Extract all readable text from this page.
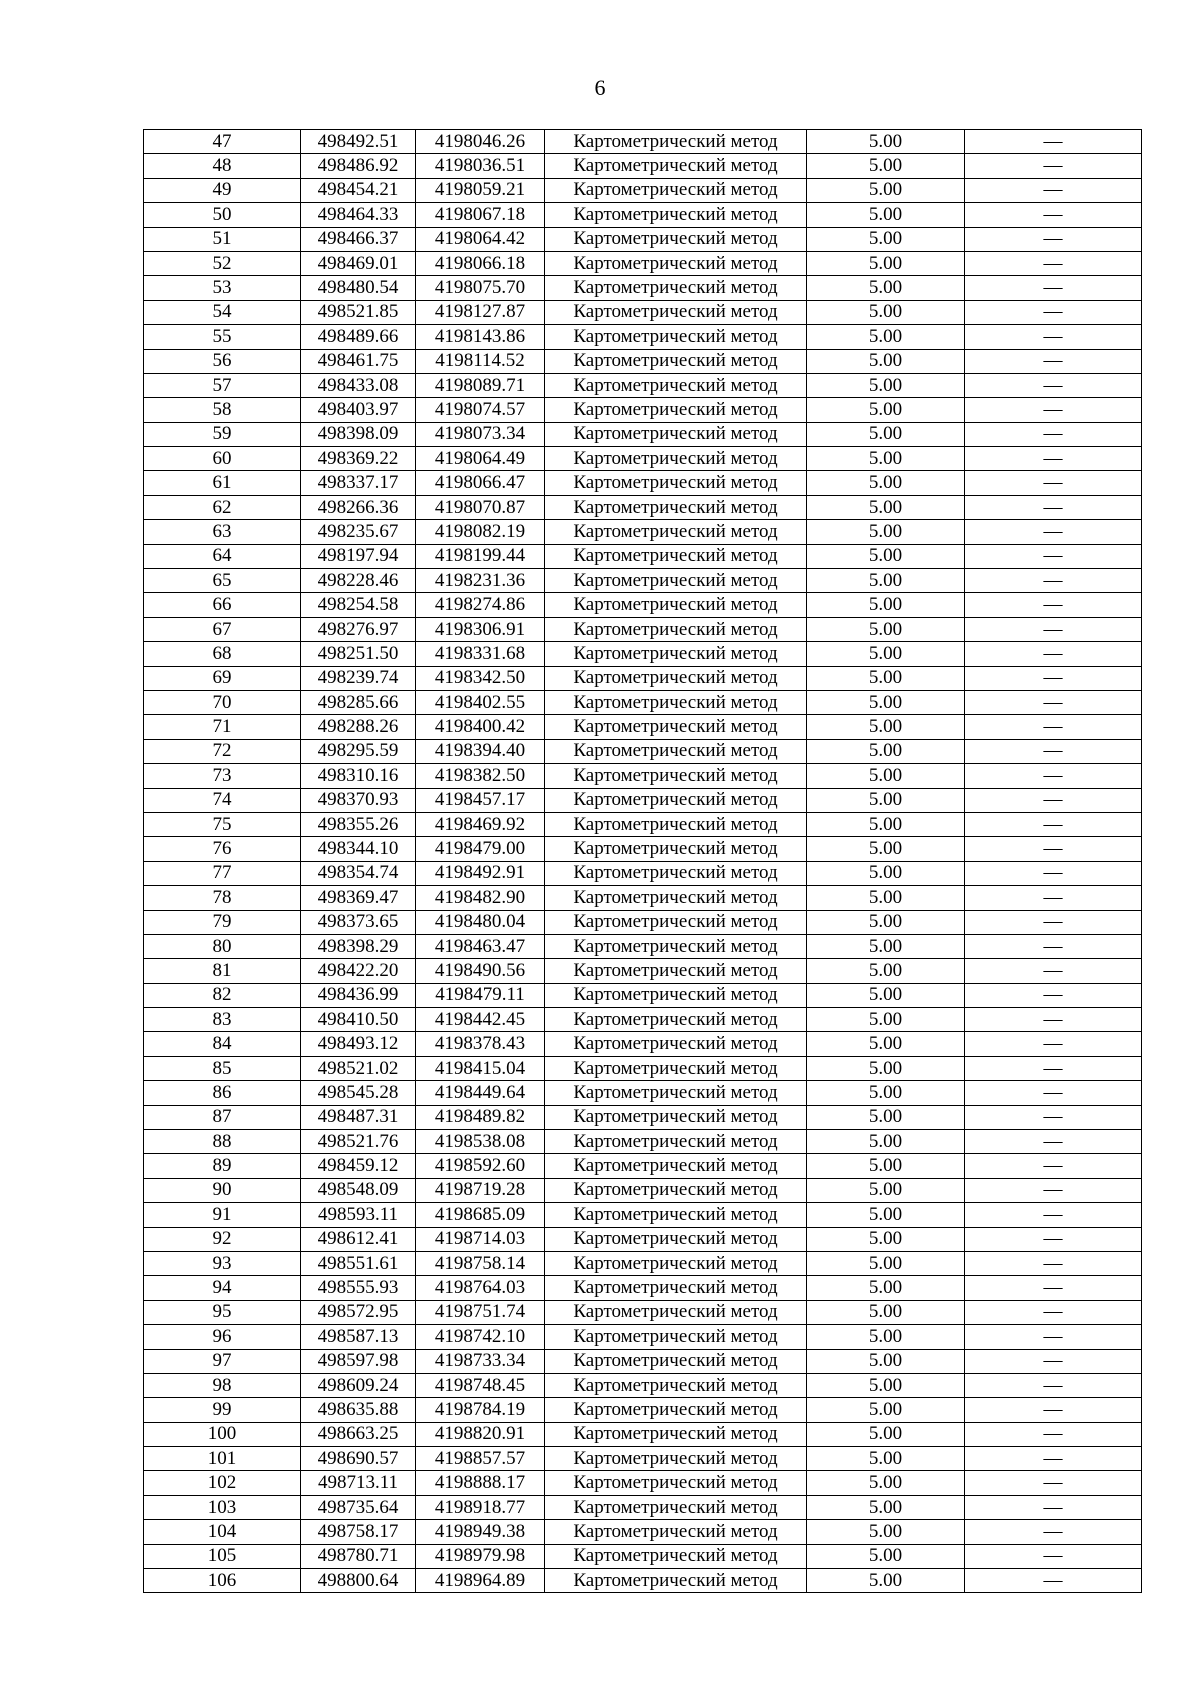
6
47	498492.51	4198046.26	Картометрический метод	5.00	—
48	498486.92	4198036.51	Картометрический метод	5.00	—
49	498454.21	4198059.21	Картометрический метод	5.00	—
50	498464.33	4198067.18	Картометрический метод	5.00	—
51	498466.37	4198064.42	Картометрический метод	5.00	—
52	498469.01	4198066.18	Картометрический метод	5.00	—
53	498480.54	4198075.70	Картометрический метод	5.00	—
54	498521.85	4198127.87	Картометрический метод	5.00	—
55	498489.66	4198143.86	Картометрический метод	5.00	—
56	498461.75	4198114.52	Картометрический метод	5.00	—
57	498433.08	4198089.71	Картометрический метод	5.00	—
58	498403.97	4198074.57	Картометрический метод	5.00	—
59	498398.09	4198073.34	Картометрический метод	5.00	—
60	498369.22	4198064.49	Картометрический метод	5.00	—
61	498337.17	4198066.47	Картометрический метод	5.00	—
62	498266.36	4198070.87	Картометрический метод	5.00	—
63	498235.67	4198082.19	Картометрический метод	5.00	—
64	498197.94	4198199.44	Картометрический метод	5.00	—
65	498228.46	4198231.36	Картометрический метод	5.00	—
66	498254.58	4198274.86	Картометрический метод	5.00	—
67	498276.97	4198306.91	Картометрический метод	5.00	—
68	498251.50	4198331.68	Картометрический метод	5.00	—
69	498239.74	4198342.50	Картометрический метод	5.00	—
70	498285.66	4198402.55	Картометрический метод	5.00	—
71	498288.26	4198400.42	Картометрический метод	5.00	—
72	498295.59	4198394.40	Картометрический метод	5.00	—
73	498310.16	4198382.50	Картометрический метод	5.00	—
74	498370.93	4198457.17	Картометрический метод	5.00	—
75	498355.26	4198469.92	Картометрический метод	5.00	—
76	498344.10	4198479.00	Картометрический метод	5.00	—
77	498354.74	4198492.91	Картометрический метод	5.00	—
78	498369.47	4198482.90	Картометрический метод	5.00	—
79	498373.65	4198480.04	Картометрический метод	5.00	—
80	498398.29	4198463.47	Картометрический метод	5.00	—
81	498422.20	4198490.56	Картометрический метод	5.00	—
82	498436.99	4198479.11	Картометрический метод	5.00	—
83	498410.50	4198442.45	Картометрический метод	5.00	—
84	498493.12	4198378.43	Картометрический метод	5.00	—
85	498521.02	4198415.04	Картометрический метод	5.00	—
86	498545.28	4198449.64	Картометрический метод	5.00	—
87	498487.31	4198489.82	Картометрический метод	5.00	—
88	498521.76	4198538.08	Картометрический метод	5.00	—
89	498459.12	4198592.60	Картометрический метод	5.00	—
90	498548.09	4198719.28	Картометрический метод	5.00	—
91	498593.11	4198685.09	Картометрический метод	5.00	—
92	498612.41	4198714.03	Картометрический метод	5.00	—
93	498551.61	4198758.14	Картометрический метод	5.00	—
94	498555.93	4198764.03	Картометрический метод	5.00	—
95	498572.95	4198751.74	Картометрический метод	5.00	—
96	498587.13	4198742.10	Картометрический метод	5.00	—
97	498597.98	4198733.34	Картометрический метод	5.00	—
98	498609.24	4198748.45	Картометрический метод	5.00	—
99	498635.88	4198784.19	Картометрический метод	5.00	—
100	498663.25	4198820.91	Картометрический метод	5.00	—
101	498690.57	4198857.57	Картометрический метод	5.00	—
102	498713.11	4198888.17	Картометрический метод	5.00	—
103	498735.64	4198918.77	Картометрический метод	5.00	—
104	498758.17	4198949.38	Картометрический метод	5.00	—
105	498780.71	4198979.98	Картометрический метод	5.00	—
106	498800.64	4198964.89	Картометрический метод	5.00	—
